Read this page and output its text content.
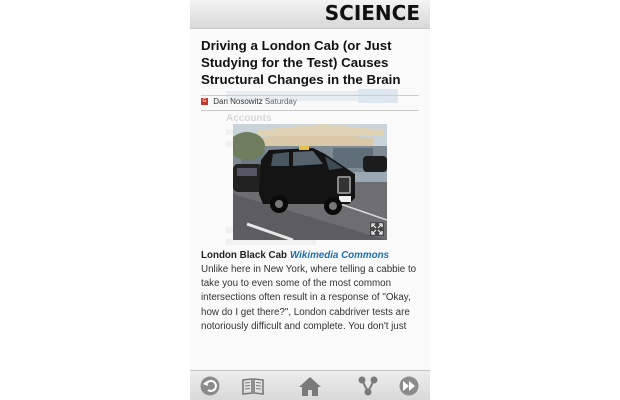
SCIENCE
Accounts
Driving a London Cab (or Just Studying for the Test) Causes Structural Changes in the Brain
G Dan Nosowitz Saturday
London Black Cab Wikimedia Commons

Unlike here in New York, where telling a cabbie to take you to even some of the most common intersections often result in a response of "Okay, how do I get there?", London cabdriver tests are notoriously difficult and complete. You don't just
